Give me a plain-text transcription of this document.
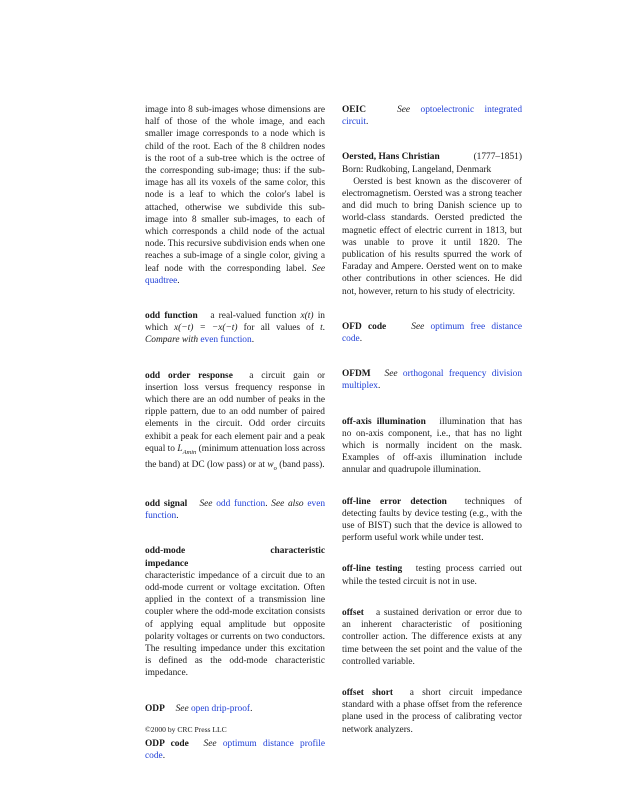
image into 8 sub-images whose dimensions are half of those of the whole image, and each smaller image corresponds to a node which is child of the root. Each of the 8 children nodes is the root of a sub-tree which is the octree of the corresponding sub-image; thus: if the sub-image has all its voxels of the same color, this node is a leaf to which the color's label is attached, otherwise we subdivide this sub-image into 8 smaller sub-images, to each of which corresponds a child node of the actual node. This recursive subdivision ends when one reaches a sub-image of a single color, giving a leaf node with the corresponding label. See quadtree.

odd function a real-valued function x(t) in which x(−t) = −x(−t) for all values of t. Compare with even function.

odd order response a circuit gain or insertion loss versus frequency response in which there are an odd number of peaks in the ripple pattern, due to an odd number of paired elements in the circuit. Odd order circuits exhibit a peak for each element pair and a peak equal to $L_{Amin}$ (minimum attenuation loss across the band) at DC (low pass) or at $w_o$ (band pass).

odd signal See odd function. See also even function.

odd-mode characteristic impedance
characteristic impedance of a circuit due to an odd-mode current or voltage excitation. Often applied in the context of a transmission line coupler where the odd-mode excitation consists of applying equal amplitude but opposite polarity voltages or currents on two conductors. The resulting impedance under this excitation is defined as the odd-mode characteristic impedance.

ODP See open drip-proof.

ODP code See optimum distance profile code.

OEIC	See optoelectronic integrated circuit.

Oersted, Hans Christian	(1777–1851)
Born: Rudkobing, Langeland, Denmark
Oersted is best known as the discoverer of electromagnetism. Oersted was a strong teacher and did much to bring Danish science up to world-class standards. Oersted predicted the magnetic effect of electric current in 1813, but was unable to prove it until 1820. The publication of his results spurred the work of Faraday and Ampere. Oersted went on to make other contributions in other sciences. He did not, however, return to his study of electricity.

OFD code	See optimum free distance code.

OFDM See orthogonal frequency division multiplex.

off-axis illumination illumination that has no on-axis component, i.e., that has no light which is normally incident on the mask. Examples of off-axis illumination include annular and quadrupole illumination.

off-line error detection techniques of detecting faults by device testing (e.g., with the use of BIST) such that the device is allowed to perform useful work while under test.

off-line testing testing process carried out while the tested circuit is not in use.

offset a sustained derivation or error due to an inherent characteristic of positioning controller action. The difference exists at any time between the set point and the value of the controlled variable.

offset short a short circuit impedance standard with a phase offset from the reference plane used in the process of calibrating vector network analyzers.

©2000 by CRC Press LLC
